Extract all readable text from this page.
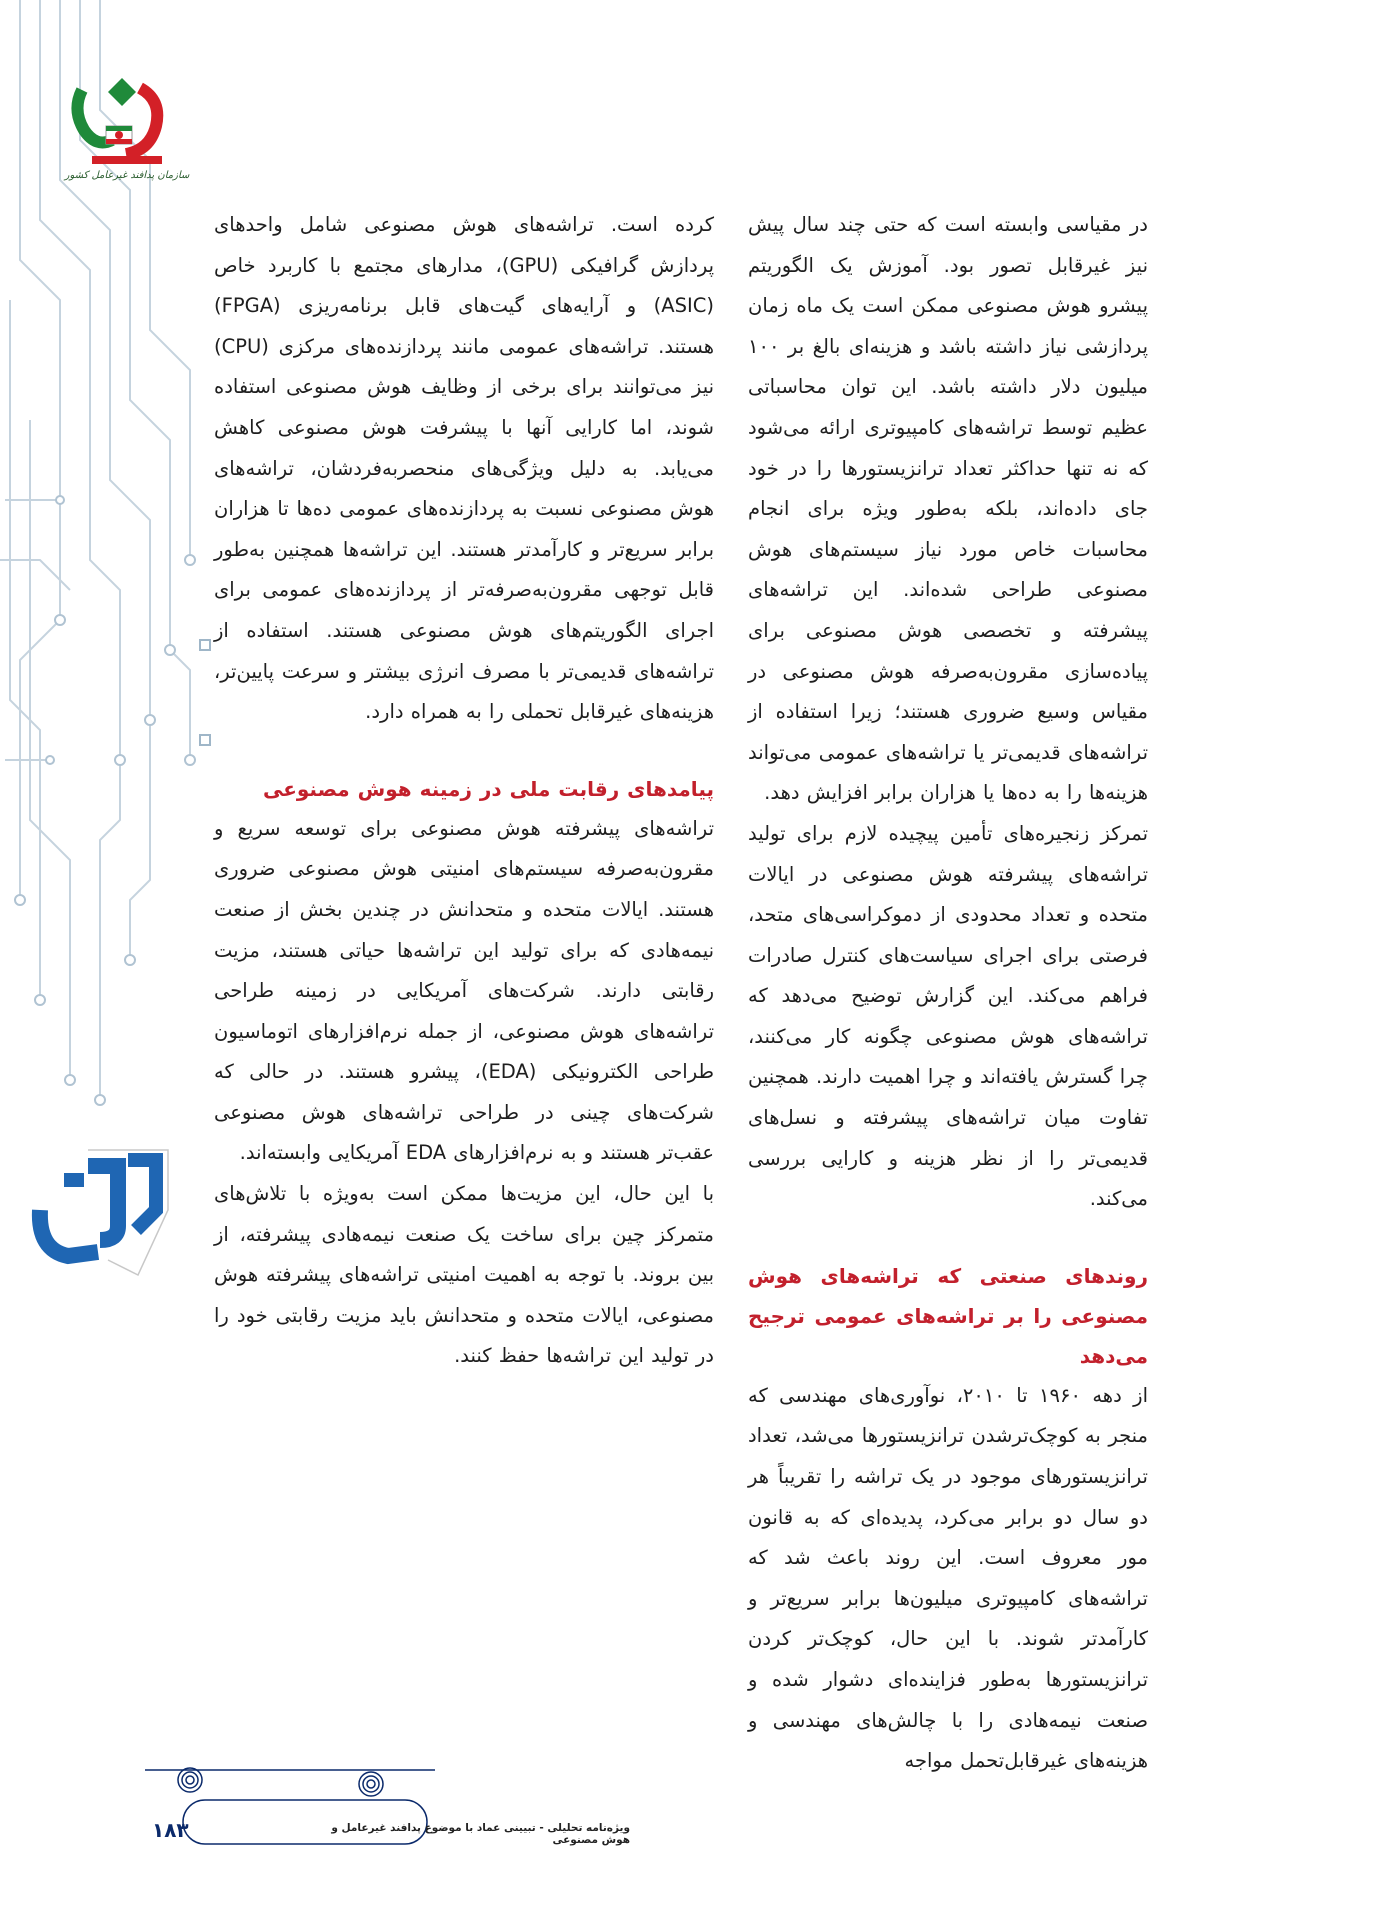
سازمان پدافند غیرعامل کشور

در مقیاسی وابسته است که حتی چند سال پیش نیز غیرقابل تصور بود. آموزش یک الگوریتم پیشرو هوش مصنوعی ممکن است یک ماه زمان پردازشی نیاز داشته باشد و هزینه‌ای بالغ بر ۱۰۰ میلیون دلار داشته باشد. این توان محاسباتی عظیم توسط تراشه‌های کامپیوتری ارائه می‌شود که نه تنها حداکثر تعداد ترانزیستورها را در خود جای داده‌اند، بلکه به‌طور ویژه برای انجام محاسبات خاص مورد نیاز سیستم‌های هوش مصنوعی طراحی شده‌اند. این تراشه‌های پیشرفته و تخصصی هوش مصنوعی برای پیاده‌سازی مقرون‌به‌صرفه هوش مصنوعی در مقیاس وسیع ضروری هستند؛ زیرا استفاده از تراشه‌های قدیمی‌تر یا تراشه‌های عمومی می‌تواند هزینه‌ها را به ده‌ها یا هزاران برابر افزایش دهد.

تمرکز زنجیره‌های تأمین پیچیده لازم برای تولید تراشه‌های پیشرفته هوش مصنوعی در ایالات متحده و تعداد محدودی از دموکراسی‌های متحد، فرصتی برای اجرای سیاست‌های کنترل صادرات فراهم می‌کند. این گزارش توضیح می‌دهد که تراشه‌های هوش مصنوعی چگونه کار می‌کنند، چرا گسترش یافته‌اند و چرا اهمیت دارند. همچنین تفاوت میان تراشه‌های پیشرفته و نسل‌های قدیمی‌تر را از نظر هزینه و کارایی بررسی می‌کند.

روندهای صنعتی که تراشه‌های هوش مصنوعی را بر تراشه‌های عمومی ترجیح می‌دهد

از دهه ۱۹۶۰ تا ۲۰۱۰، نوآوری‌های مهندسی که منجر به کوچک‌ترشدن ترانزیستورها می‌شد، تعداد ترانزیستورهای موجود در یک تراشه را تقریباً هر دو سال دو برابر می‌کرد، پدیده‌ای که به قانون مور معروف است. این روند باعث شد که تراشه‌های کامپیوتری میلیون‌ها برابر سریع‌تر و کارآمدتر شوند. با این حال، کوچک‌تر کردن ترانزیستورها به‌طور فزاینده‌ای دشوار شده و صنعت نیمه‌هادی را با چالش‌های مهندسی و هزینه‌های غیرقابل‌تحمل مواجه

کرده است. تراشه‌های هوش مصنوعی شامل واحدهای پردازش گرافیکی (GPU)، مدارهای مجتمع با کاربرد خاص (ASIC) و آرایه‌های گیت‌های قابل برنامه‌ریزی (FPGA) هستند. تراشه‌های عمومی مانند پردازنده‌های مرکزی (CPU) نیز می‌توانند برای برخی از وظایف هوش مصنوعی استفاده شوند، اما کارایی آنها با پیشرفت هوش مصنوعی کاهش می‌یابد. به دلیل ویژگی‌های منحصربه‌فردشان، تراشه‌های هوش مصنوعی نسبت به پردازنده‌های عمومی ده‌ها تا هزاران برابر سریع‌تر و کارآمدتر هستند. این تراشه‌ها همچنین به‌طور قابل توجهی مقرون‌به‌صرفه‌تر از پردازنده‌های عمومی برای اجرای الگوریتم‌های هوش مصنوعی هستند. استفاده از تراشه‌های قدیمی‌تر با مصرف انرژی بیشتر و سرعت پایین‌تر، هزینه‌های غیرقابل تحملی را به همراه دارد.

پیامدهای رقابت ملی در زمینه هوش مصنوعی

تراشه‌های پیشرفته هوش مصنوعی برای توسعه سریع و مقرون‌به‌صرفه سیستم‌های امنیتی هوش مصنوعی ضروری هستند. ایالات متحده و متحدانش در چندین بخش از صنعت نیمه‌هادی که برای تولید این تراشه‌ها حیاتی هستند، مزیت رقابتی دارند. شرکت‌های آمریکایی در زمینه طراحی تراشه‌های هوش مصنوعی، از جمله نرم‌افزارهای اتوماسیون طراحی الکترونیکی (EDA)، پیشرو هستند. در حالی که شرکت‌های چینی در طراحی تراشه‌های هوش مصنوعی عقب‌تر هستند و به نرم‌افزارهای EDA آمریکایی وابسته‌اند.

با این حال، این مزیت‌ها ممکن است به‌ویژه با تلاش‌های متمرکز چین برای ساخت یک صنعت نیمه‌هادی پیشرفته، از بین بروند. با توجه به اهمیت امنیتی تراشه‌های پیشرفته هوش مصنوعی، ایالات متحده و متحدانش باید مزیت رقابتی خود را در تولید این تراشه‌ها حفظ کنند.

۱۸۳	ویژه‌نامه تحلیلی - تبیینی عماد با موضوع پدافند غیرعامل و هوش مصنوعی
